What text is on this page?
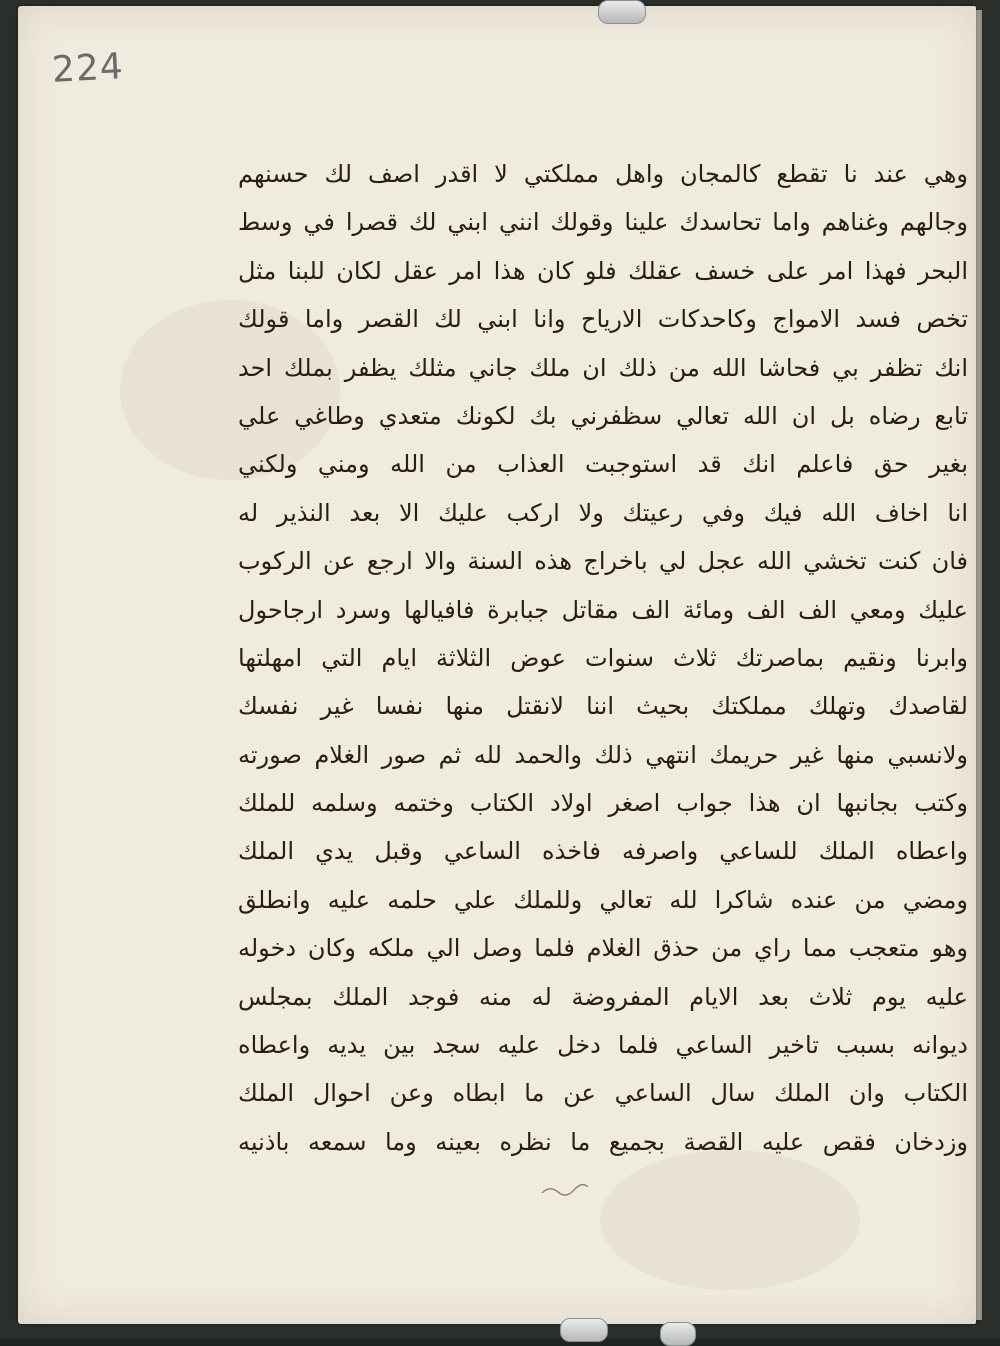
224
وهي عند نا تقطع كالمجان واهل مملكتي لا اقدر اصف لك حسنهم
وجالهم وغناهم واما تحاسدك علينا وقولك انني ابني لك قصرا في وسط
البحر فهذا امر على خسف عقلك فلو كان هذا امر عقل لكان للبنا مثل
تخص فسد الامواج وكاحدكات الارياح وانا ابني لك القصر واما قولك
انك تظفر بي فحاشا الله من ذلك ان ملك جاني مثلك يظفر بملك احد
تابع رضاه بل ان الله تعالي سظفرني بك لكونك متعدي وطاغي علي
بغير حق فاعلم انك قد استوجبت العذاب من الله ومني ولكني
انا اخاف الله فيك وفي رعيتك ولا اركب عليك الا بعد النذير له
فان كنت تخشي الله عجل لي باخراج هذه السنة والا ارجع عن الركوب
عليك ومعي الف الف ومائة الف مقاتل جبابرة فافيالها وسرد ارجاحول
وابرنا ونقيم بماصرتك ثلاث سنوات عوض الثلاثة ايام التي امهلتها
لقاصدك وتهلك مملكتك بحيث اننا لانقتل منها نفسا غير نفسك
ولانسبي منها غير حريمك انتهي ذلك والحمد لله ثم صور الغلام صورته
وكتب بجانبها ان هذا جواب اصغر اولاد الكتاب وختمه وسلمه للملك
واعطاه الملك للساعي واصرفه فاخذه الساعي وقبل يدي الملك
ومضي من عنده شاكرا لله تعالي وللملك علي حلمه عليه وانطلق
وهو متعجب مما راي من حذق الغلام فلما وصل الي ملكه وكان دخوله
عليه يوم ثلاث بعد الايام المفروضة له منه فوجد الملك بمجلس
ديوانه بسبب تاخير الساعي فلما دخل عليه سجد بين يديه واعطاه
الكتاب وان الملك سال الساعي عن ما ابطاه وعن احوال الملك
وزدخان فقص عليه القصة بجميع ما نظره بعينه وما سمعه باذنيه
